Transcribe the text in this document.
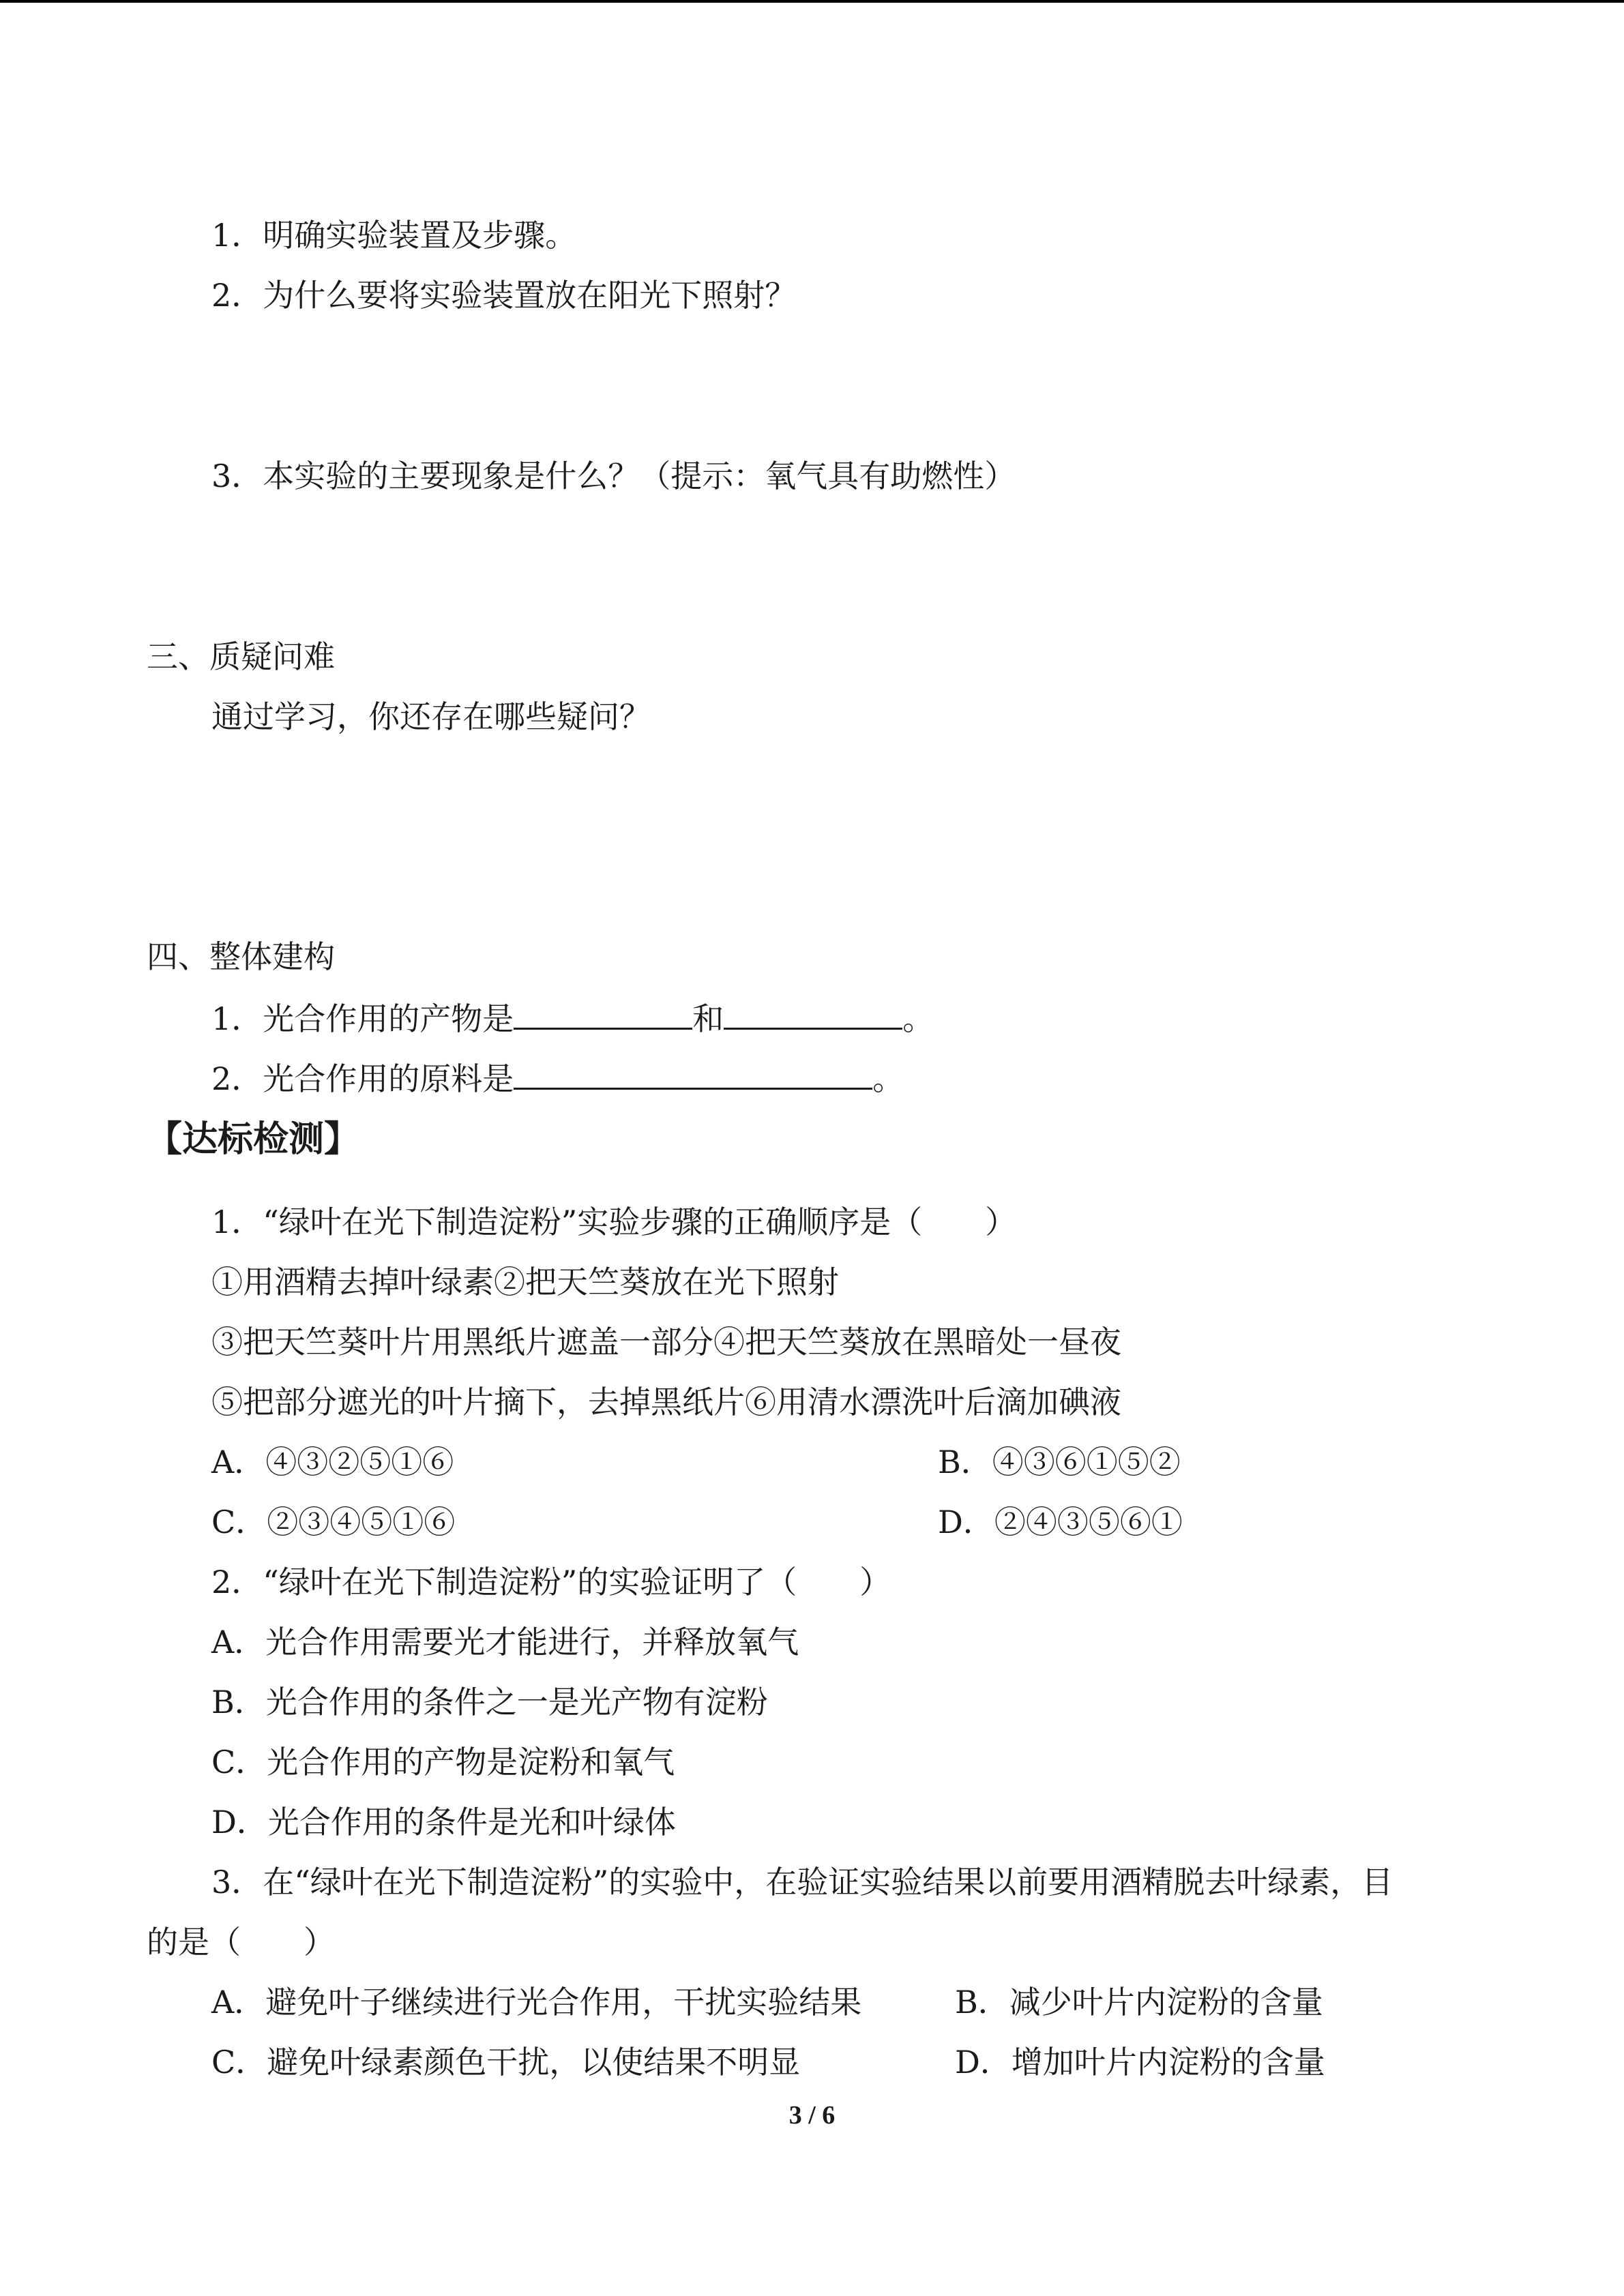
1．明确实验装置及步骤。
2．为什么要将实验装置放在阳光下照射？
3．本实验的主要现象是什么？（提示：氧气具有助燃性）
三、质疑问难
通过学习，你还存在哪些疑问？
四、整体建构
1．光合作用的产物是	和	。
2．光合作用的原料是	。
【达标检测】
1．“绿叶在光下制造淀粉”实验步骤的正确顺序是（　　）
①用酒精去掉叶绿素②把天竺葵放在光下照射
③把天竺葵叶片用黑纸片遮盖一部分④把天竺葵放在黑暗处一昼夜
⑤把部分遮光的叶片摘下，去掉黑纸片⑥用清水漂洗叶后滴加碘液
A．④③②⑤①⑥	B．④③⑥①⑤②
C．②③④⑤①⑥	D．②④③⑤⑥①
2．“绿叶在光下制造淀粉”的实验证明了（　　）
A．光合作用需要光才能进行，并释放氧气
B．光合作用的条件之一是光产物有淀粉
C．光合作用的产物是淀粉和氧气
D．光合作用的条件是光和叶绿体
3．在“绿叶在光下制造淀粉”的实验中，在验证实验结果以前要用酒精脱去叶绿素，目
的是（　　）
A．避免叶子继续进行光合作用，干扰实验结果	B．减少叶片内淀粉的含量
C．避免叶绿素颜色干扰，以使结果不明显	D．增加叶片内淀粉的含量
3 / 6
